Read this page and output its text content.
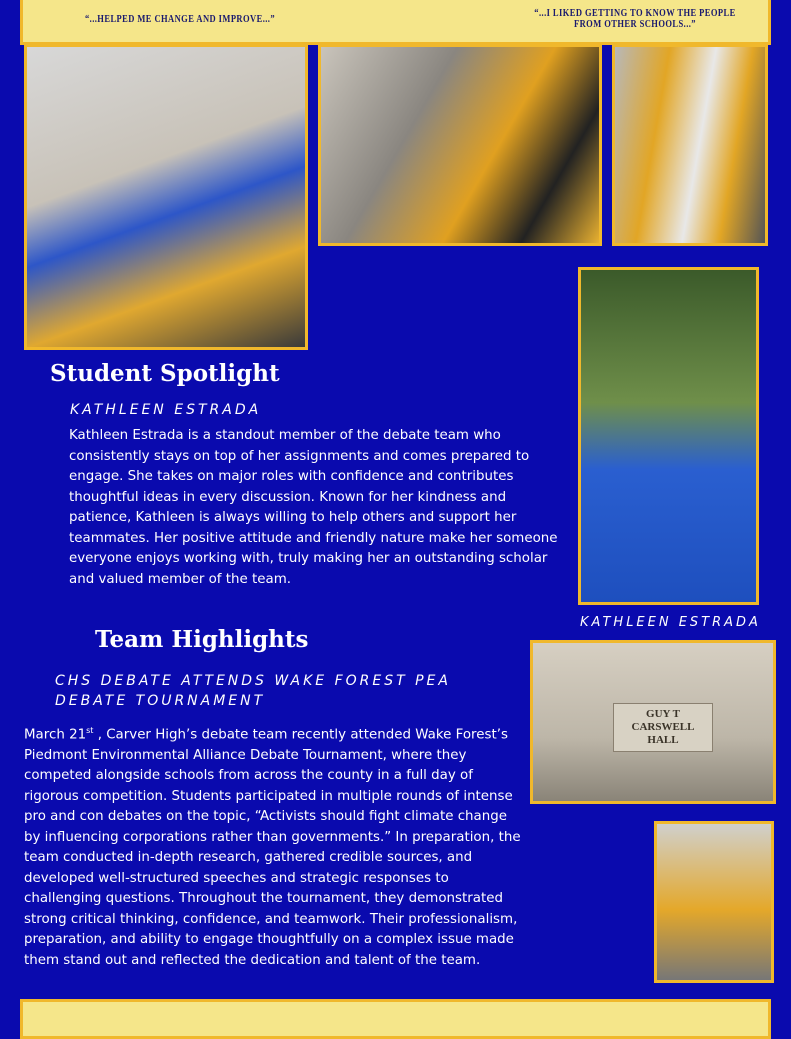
“...HELPED ME CHANGE AND IMPROVE...”
“...I LIKED GETTING TO KNOW THE PEOPLE FROM OTHER SCHOOLS...”
Student Spotlight
KATHLEEN ESTRADA
Kathleen Estrada is a standout member of the debate team who consistently stays on top of her assignments and comes prepared to engage. She takes on major roles with confidence and contributes thoughtful ideas in every discussion. Known for her kindness and patience, Kathleen is always willing to help others and support her teammates. Her positive attitude and friendly nature make her someone everyone enjoys working with, truly making her an outstanding scholar and valued member of the team.
KATHLEEN ESTRADA
Team Highlights
CHS DEBATE ATTENDS WAKE FOREST PEA DEBATE TOURNAMENT
March 21st , Carver High’s debate team recently attended Wake Forest’s Piedmont Environmental Alliance Debate Tournament, where they competed alongside schools from across the county in a full day of rigorous competition. Students participated in multiple rounds of intense pro and con debates on the topic, “Activists should fight climate change by influencing corporations rather than governments.” In preparation, the team conducted in-depth research, gathered credible sources, and developed well-structured speeches and strategic responses to challenging questions. Throughout the tournament, they demonstrated strong critical thinking, confidence, and teamwork. Their professionalism, preparation, and ability to engage thoughtfully on a complex issue made them stand out and reflected the dedication and talent of the team.
GUY T CARSWELL HALL
